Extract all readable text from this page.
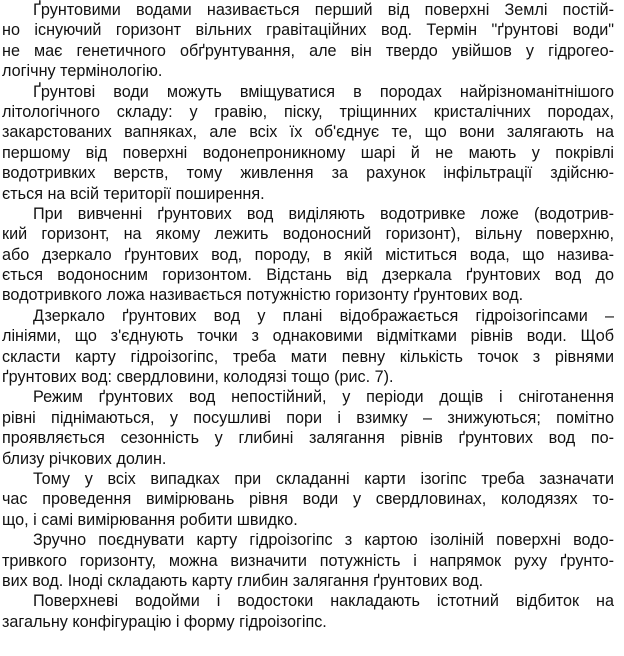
Ґрунтовими водами називається перший від поверхні Землі постій-
но існуючий горизонт вільних гравітаційних вод. Термін "ґрунтові води"
не має генетичного обґрунтування, але він твердо увійшов у гідрогео-
логічну термінологію.
Ґрунтові води можуть вміщуватися в породах найрізноманітнішого
літологічного складу: у гравію, піску, тріщинних кристалічних породах,
закарстованих вапняках, але всіх їх об'єднує те, що вони залягають на
першому від поверхні водонепроникному шарі й не мають у покрівлі
водотривких верств, тому живлення за рахунок інфільтрації здійсню-
ється на всій території поширення.
При вивченні ґрунтових вод виділяють водотривке ложе (водотрив-
кий горизонт, на якому лежить водоносний горизонт), вільну поверхню,
або дзеркало ґрунтових вод, породу, в якій міститься вода, що назива-
ється водоносним горизонтом. Відстань від дзеркала ґрунтових вод до
водотривкого ложа називається потужністю горизонту ґрунтових вод.
Дзеркало ґрунтових вод у плані відображається гідроізогіпсами –
лініями, що з'єднують точки з однаковими відмітками рівнів води. Щоб
скласти карту гідроізогіпс, треба мати певну кількість точок з рівнями
ґрунтових вод: свердловини, колодязі тощо (рис. 7).
Режим ґрунтових вод непостійний, у періоди дощів і сніготанення
рівні піднімаються, у посушливі пори і взимку – знижуються; помітно
проявляється сезонність у глибині залягання рівнів ґрунтових вод по-
близу річкових долин.
Тому у всіх випадках при складанні карти ізогіпс треба зазначати
час проведення вимірювань рівня води у свердловинах, колодязях то-
що, і самі вимірювання робити швидко.
Зручно поєднувати карту гідроізогіпс з картою ізоліній поверхні водо-
тривкого горизонту, можна визначити потужність і напрямок руху ґрунто-
вих вод. Іноді складають карту глибин залягання ґрунтових вод.
Поверхневі водойми і водостоки накладають істотний відбиток на
загальну конфігурацію і форму гідроізогіпс.
